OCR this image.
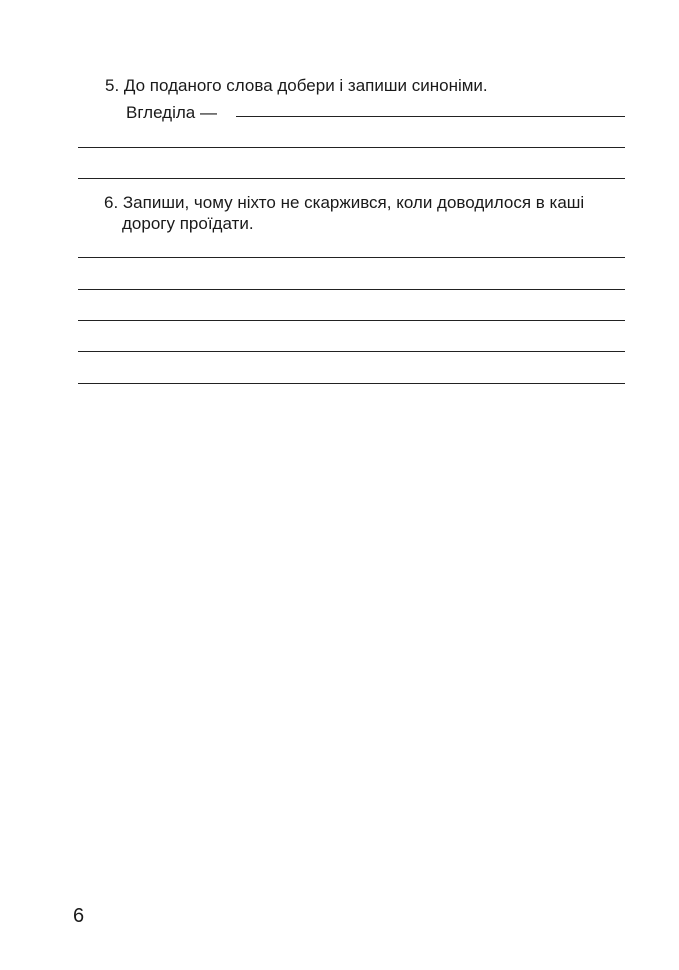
5. До поданого слова добери і запиши синоніми.
Вгледіла —
6. Запиши, чому ніхто не скаржився, коли доводилося в каші
дорогу проїдати.
6
